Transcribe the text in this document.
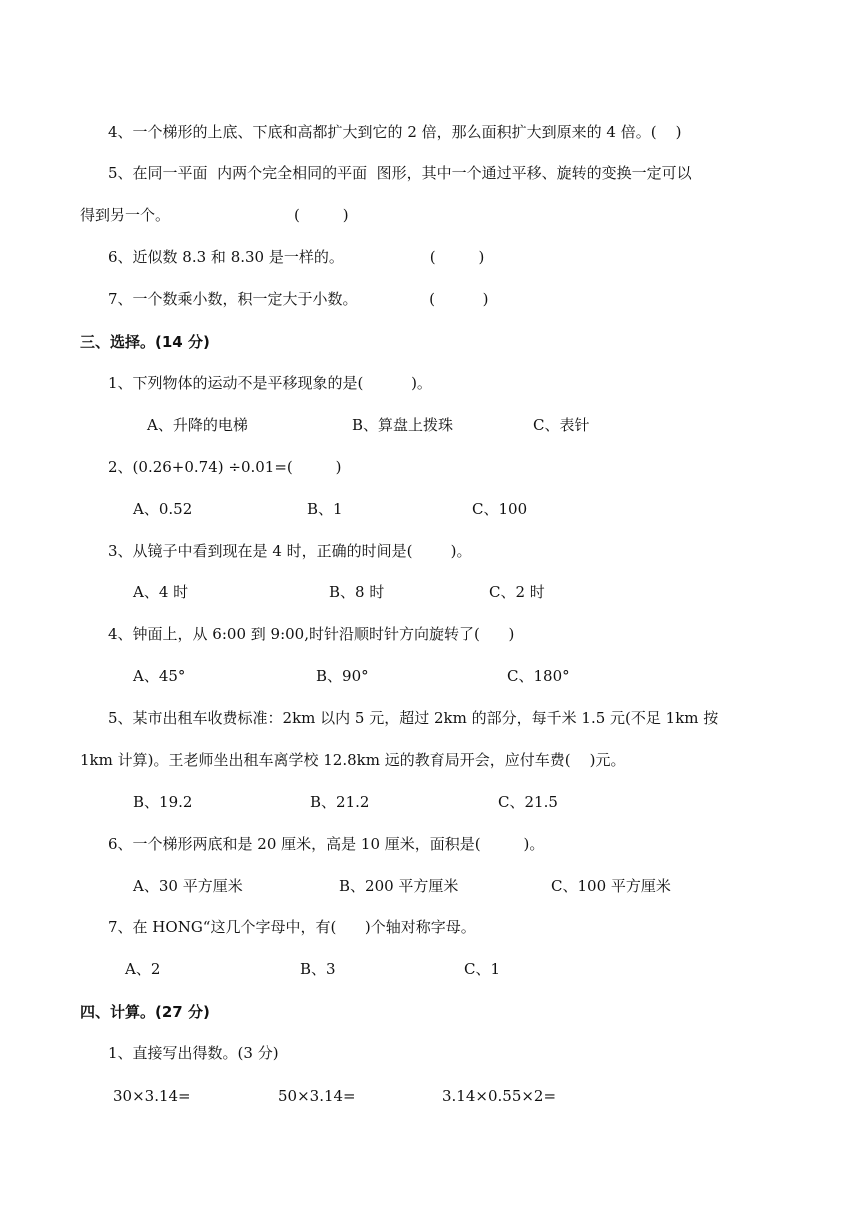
4、一个梯形的上底、下底和高都扩大到它的 2 倍，那么面积扩大到原来的 4 倍。(    )
5、在同一平面  内两个完全相同的平面  图形，其中一个通过平移、旋转的变换一定可以
得到另一个。                          (         )
6、近似数 8.3 和 8.30 是一样的。                  (         )
7、一个数乘小数，积一定大于小数。               (          )
三、选择。(14 分)
1、下列物体的运动不是平移现象的是(          )。
A、升降的电梯	B、算盘上拨珠	C、表针
2、(0.26+0.74) ÷0.01=(         )
A、0.52	B、1	C、100
3、从镜子中看到现在是 4 时，正确的时间是(        )。
A、4 时	B、8 时	C、2 时
4、钟面上，从 6:00 到 9:00,时针沿顺时针方向旋转了(      )
A、45°	B、90°	C、180°
5、某市出租车收费标准：2km 以内 5 元，超过 2km 的部分，每千米 1.5 元(不足 1km 按
1km 计算)。王老师坐出租车离学校 12.8km 远的教育局开会，应付车费(    )元。
B、19.2	B、21.2	C、21.5
6、一个梯形两底和是 20 厘米，高是 10 厘米，面积是(         )。
A、30 平方厘米	B、200 平方厘米	C、100 平方厘米
7、在 HONG“这几个字母中，有(      )个轴对称字母。
A、2	B、3	C、1
四、计算。(27 分)
1、直接写出得数。(3 分)
30×3.14=	50×3.14=	3.14×0.55×2=
